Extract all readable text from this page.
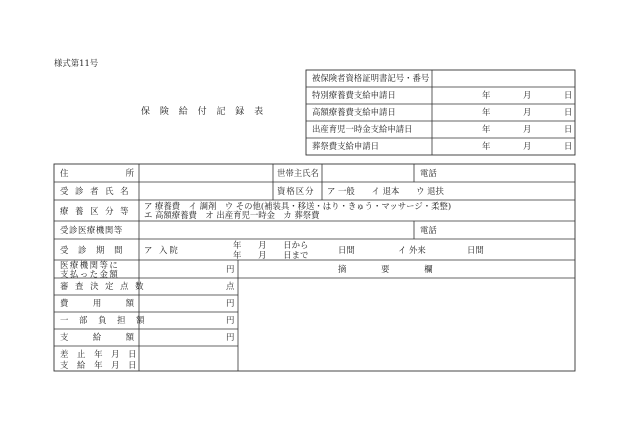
様式第11号
保 険 給 付 記 録 表
被保険者資格証明書記号・番号
特別療養費支給申請日	年	月	日
高額療養費支給申請日	年	月	日
出産育児一時金支給申請日	年	月	日
葬祭費支給申請日	年	月	日
住	所	世帯主氏名	電話
受 診 者 氏 名	資格区分 ア 一般　　イ 退本　　ウ 退扶
療 養 区 分 等 ア 療養費　イ 調剤　ウ その他(補装具・移送・はり・きゅう・マッサージ・柔整)
エ 高額療養費　オ 出産育児一時金　カ 葬祭費
受診医療機関等	電話
受 診 期 間 ア 入院	年　　月　　日から
年　　月　　日まで	日間	イ 外来	日間
医療機関等に
支払った金額	円	摘　　要　　欄
審 査 決 定 点 数	点
費	用	額	円
一 部 負 担 額	円
支	給	額	円
差 止 年 月 日
支 給 年 月 日
